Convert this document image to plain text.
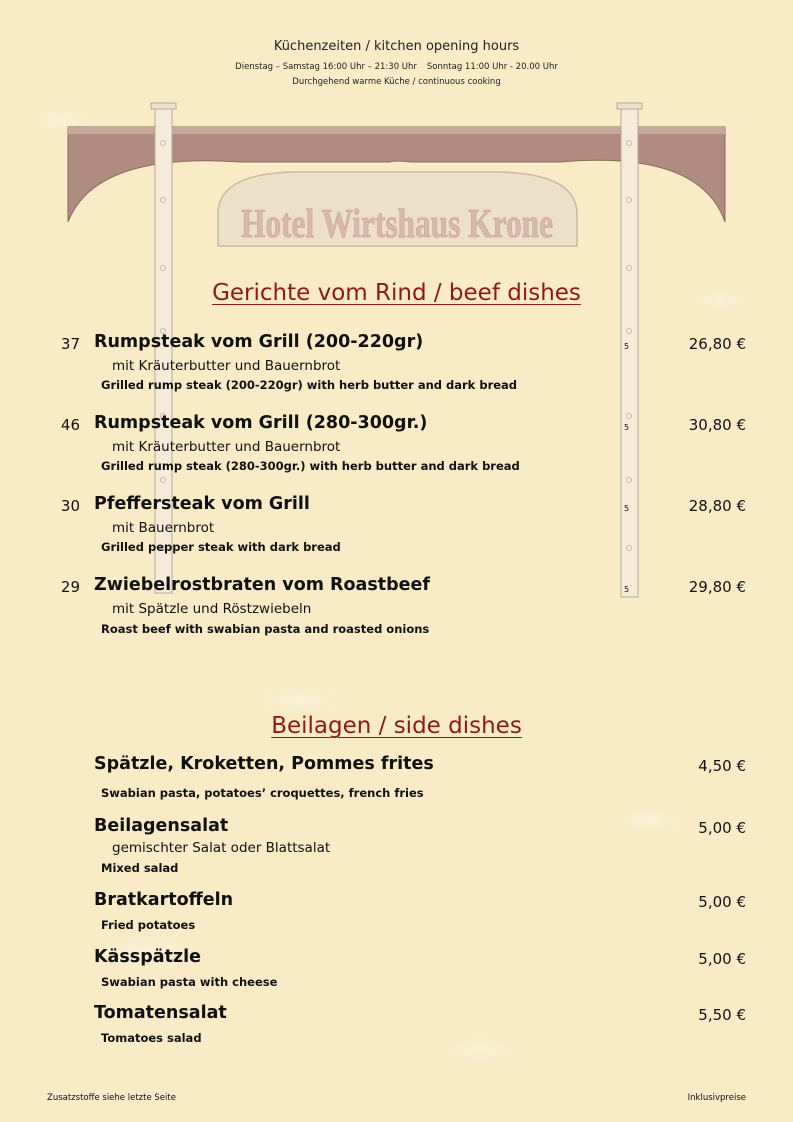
Küchenzeiten / kitchen opening hours
Dienstag – Samstag 16:00 Uhr – 21:30 Uhr Sonntag 11:00 Uhr - 20.00 Uhr
Durchgehend warme Küche / continuous cooking
Hotel Wirtshaus Krone
Gerichte vom Rind / beef dishes
37 Rumpsteak vom Grill (200-220gr)	5	26,80 €
mit Kräuterbutter und Bauernbrot
Grilled rump steak (200-220gr) with herb butter and dark bread
46 Rumpsteak vom Grill (280-300gr.)	5	30,80 €
mit Kräuterbutter und Bauernbrot
Grilled rump steak (280-300gr.) with herb butter and dark bread
30 Pfeffersteak vom Grill	5	28,80 €
mit Bauernbrot
Grilled pepper steak with dark bread
29 Zwiebelrostbraten vom Roastbeef	5	29,80 €
mit Spätzle und Röstzwiebeln
Roast beef with swabian pasta and roasted onions
Beilagen / side dishes
Spätzle, Kroketten, Pommes frites	4,50 €
Swabian pasta, potatoes’ croquettes, french fries
Beilagensalat	5,00 €
gemischter Salat oder Blattsalat
Mixed salad
Bratkartoffeln	5,00 €
Fried potatoes
Kässpätzle	5,00 €
Swabian pasta with cheese
Tomatensalat	5,50 €
Tomatoes salad
Zusatzstoffe siehe letzte Seite	Inklusivpreise
